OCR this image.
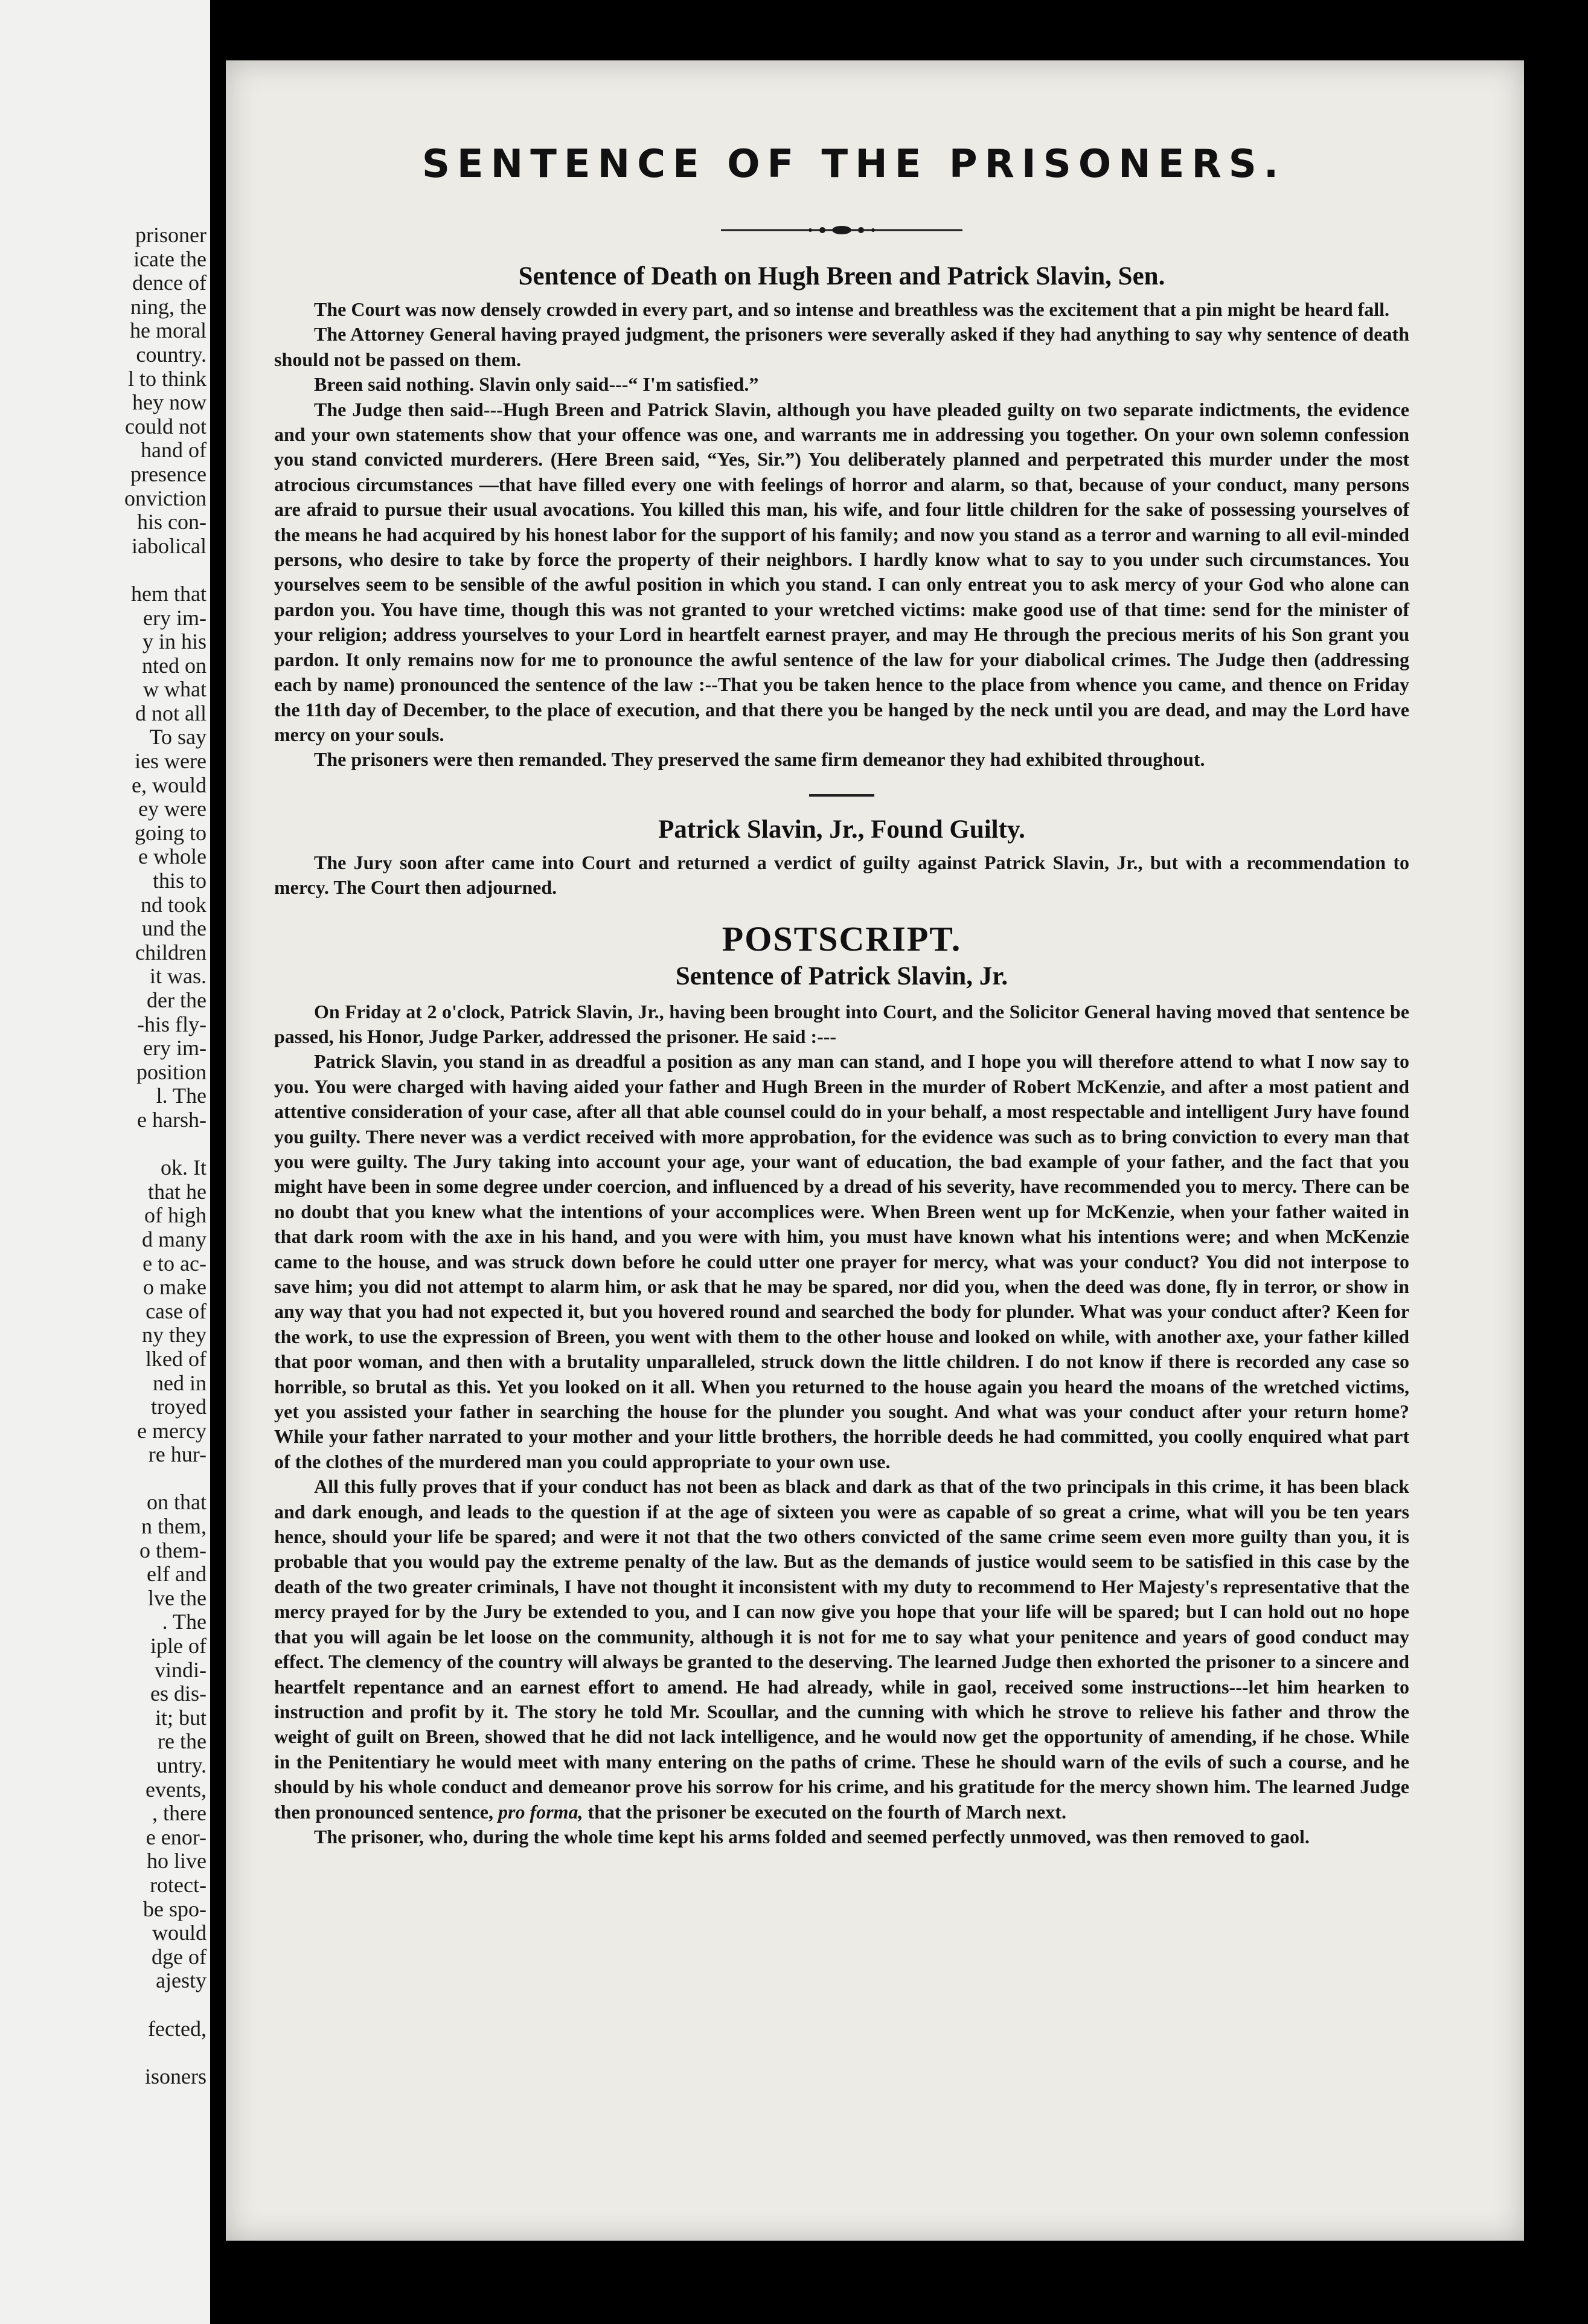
prisoner
icate the
dence of
ning, the
he moral
country.
l to think
hey now
could not
hand of
presence
onviction
his con-
iabolical
hem that
ery im-
y in his
nted on
w what
d not all
To say
ies were
e, would
ey were
going to
e whole
this to
nd took
und the
children
it was.
der the
-his fly-
ery im-
position
l. The
e harsh-
ok. It
that he
of high
d many
e to ac-
o make
case of
ny they
lked of
ned in
troyed
e mercy
re hur-
on that
n them,
o them-
elf and
lve the
. The
iple of
vindi-
es dis-
it; but
re the
untry.
events,
, there
e enor-
ho live
rotect-
be spo-
would
dge of
ajesty
fected,
isoners
SENTENCE OF THE PRISONERS.
Sentence of Death on Hugh Breen and Patrick Slavin, Sen.

The Court was now densely crowded in every part, and so intense and breathless was the excitement that a pin might be heard fall.

The Attorney General having prayed judgment, the prisoners were severally asked if they had anything to say why sentence of death should not be passed on them.

Breen said nothing. Slavin only said---“ I'm satisfied.”

The Judge then said---Hugh Breen and Patrick Slavin, although you have pleaded guilty on two separate indictments, the evidence and your own statements show that your offence was one, and warrants me in addressing you together. On your own solemn confession you stand convicted murderers. (Here Breen said, “Yes, Sir.”) You deliberately planned and perpetrated this murder under the most atrocious circumstances —that have filled every one with feelings of horror and alarm, so that, because of your conduct, many persons are afraid to pursue their usual avocations. You killed this man, his wife, and four little children for the sake of possessing yourselves of the means he had acquired by his honest labor for the support of his family; and now you stand as a terror and warning to all evil-minded persons, who desire to take by force the property of their neighbors. I hardly know what to say to you under such circumstances. You yourselves seem to be sensible of the awful position in which you stand. I can only entreat you to ask mercy of your God who alone can pardon you. You have time, though this was not granted to your wretched victims: make good use of that time: send for the minister of your religion; address yourselves to your Lord in heartfelt earnest prayer, and may He through the precious merits of his Son grant you pardon. It only remains now for me to pronounce the awful sentence of the law for your diabolical crimes. The Judge then (addressing each by name) pronounced the sentence of the law :--That you be taken hence to the place from whence you came, and thence on Friday the 11th day of December, to the place of execution, and that there you be hanged by the neck until you are dead, and may the Lord have mercy on your souls.

The prisoners were then remanded. They preserved the same firm demeanor they had exhibited throughout.

Patrick Slavin, Jr., Found Guilty.

The Jury soon after came into Court and returned a verdict of guilty against Patrick Slavin, Jr., but with a recommendation to mercy. The Court then adjourned.

POSTSCRIPT.
Sentence of Patrick Slavin, Jr.

On Friday at 2 o'clock, Patrick Slavin, Jr., having been brought into Court, and the Solicitor General having moved that sentence be passed, his Honor, Judge Parker, addressed the prisoner. He said :---

Patrick Slavin, you stand in as dreadful a position as any man can stand, and I hope you will therefore attend to what I now say to you. You were charged with having aided your father and Hugh Breen in the murder of Robert McKenzie, and after a most patient and attentive consideration of your case, after all that able counsel could do in your behalf, a most respectable and intelligent Jury have found you guilty. There never was a verdict received with more approbation, for the evidence was such as to bring conviction to every man that you were guilty. The Jury taking into account your age, your want of education, the bad example of your father, and the fact that you might have been in some degree under coercion, and influenced by a dread of his severity, have recommended you to mercy. There can be no doubt that you knew what the intentions of your accomplices were. When Breen went up for McKenzie, when your father waited in that dark room with the axe in his hand, and you were with him, you must have known what his intentions were; and when McKenzie came to the house, and was struck down before he could utter one prayer for mercy, what was your conduct? You did not interpose to save him; you did not attempt to alarm him, or ask that he may be spared, nor did you, when the deed was done, fly in terror, or show in any way that you had not expected it, but you hovered round and searched the body for plunder. What was your conduct after? Keen for the work, to use the expression of Breen, you went with them to the other house and looked on while, with another axe, your father killed that poor woman, and then with a brutality unparalleled, struck down the little children. I do not know if there is recorded any case so horrible, so brutal as this. Yet you looked on it all. When you returned to the house again you heard the moans of the wretched victims, yet you assisted your father in searching the house for the plunder you sought. And what was your conduct after your return home? While your father narrated to your mother and your little brothers, the horrible deeds he had committed, you coolly enquired what part of the clothes of the murdered man you could appropriate to your own use.

All this fully proves that if your conduct has not been as black and dark as that of the two principals in this crime, it has been black and dark enough, and leads to the question if at the age of sixteen you were as capable of so great a crime, what will you be ten years hence, should your life be spared; and were it not that the two others convicted of the same crime seem even more guilty than you, it is probable that you would pay the extreme penalty of the law. But as the demands of justice would seem to be satisfied in this case by the death of the two greater criminals, I have not thought it inconsistent with my duty to recommend to Her Majesty's representative that the mercy prayed for by the Jury be extended to you, and I can now give you hope that your life will be spared; but I can hold out no hope that you will again be let loose on the community, although it is not for me to say what your penitence and years of good conduct may effect. The clemency of the country will always be granted to the deserving. The learned Judge then exhorted the prisoner to a sincere and heartfelt repentance and an earnest effort to amend. He had already, while in gaol, received some instructions---let him hearken to instruction and profit by it. The story he told Mr. Scoullar, and the cunning with which he strove to relieve his father and throw the weight of guilt on Breen, showed that he did not lack intelligence, and he would now get the opportunity of amending, if he chose. While in the Penitentiary he would meet with many entering on the paths of crime. These he should warn of the evils of such a course, and he should by his whole conduct and demeanor prove his sorrow for his crime, and his gratitude for the mercy shown him. The learned Judge then pronounced sentence, pro forma, that the prisoner be executed on the fourth of March next.

The prisoner, who, during the whole time kept his arms folded and seemed perfectly unmoved, was then removed to gaol.
